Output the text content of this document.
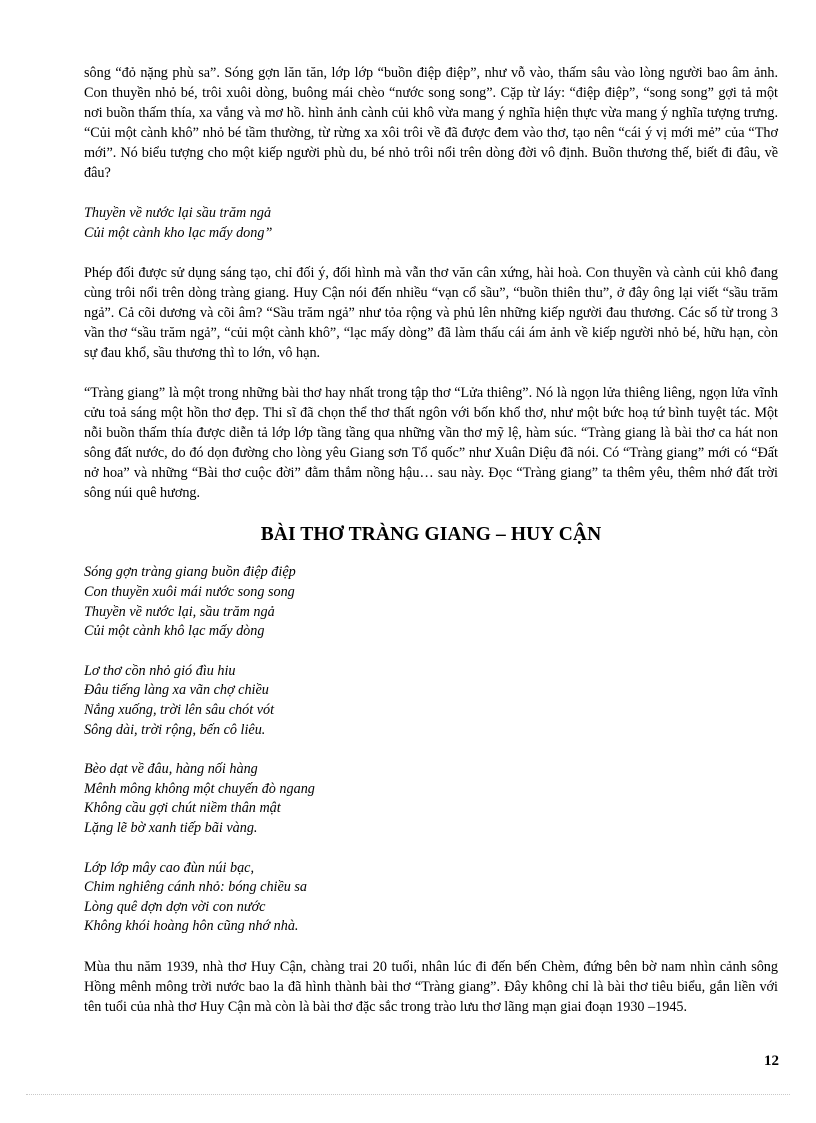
sông “đỏ nặng phù sa”. Sóng gợn lăn tăn, lớp lớp “buồn điệp điệp”, như vỗ vào, thấm sâu vào lòng người bao âm ảnh. Con thuyền nhỏ bé, trôi xuôi dòng, buông mái chèo “nước song song”. Cặp từ láy: “điệp điệp”, “song song” gợi tả một nơi buồn thấm thía, xa vắng và mơ hồ. hình ảnh cành củi khô vừa mang ý nghĩa hiện thực vừa mang ý nghĩa tượng trưng. “Củi một cành khô” nhỏ bé tầm thường, từ rừng xa xôi trôi về đã được đem vào thơ, tạo nên “cái ý vị mới mẻ” của “Thơ mới”. Nó biểu tượng cho một kiếp người phù du, bé nhỏ trôi nổi trên dòng đời vô định. Buồn thương thế, biết đi đâu, về đâu?

Thuyền về nước lại sầu trăm ngả
Củi một cành kho lạc mấy dong”

Phép đối được sử dụng sáng tạo, chỉ đối ý, đối hình mà vẫn thơ văn cân xứng, hài hoà. Con thuyền và cành củi khô đang cùng trôi nổi trên dòng tràng giang. Huy Cận nói đến nhiều “vạn cổ sầu”, “buồn thiên thu”, ở đây ông lại viết “sầu trăm ngả”. Cả cõi dương và cõi âm? “Sầu trăm ngả” như tỏa rộng và phủ lên những kiếp người đau thương. Các số từ trong 3 vần thơ “sầu trăm ngả”, “củi một cành khô”, “lạc mấy dòng” đã làm thấu cái ám ảnh về kiếp người nhỏ bé, hữu hạn, còn sự đau khổ, sầu thương thì to lớn, vô hạn.

“Tràng giang” là một trong những bài thơ hay nhất trong tập thơ “Lửa thiêng”. Nó là ngọn lửa thiêng liêng, ngọn lửa vĩnh cửu toả sáng một hồn thơ đẹp. Thi sĩ đã chọn thể thơ thất ngôn với bốn khổ thơ, như một bức hoạ tứ bình tuyệt tác. Một nỗi buồn thấm thía được diễn tả lớp lớp tầng tầng qua những vần thơ mỹ lệ, hàm súc. “Tràng giang là bài thơ ca hát non sông đất nước, do đó dọn đường cho lòng yêu Giang sơn Tổ quốc” như Xuân Diệu đã nói. Có “Tràng giang” mới có “Đất nở hoa” và những “Bài thơ cuộc đời” đằm thắm nồng hậu… sau này. Đọc “Tràng giang” ta thêm yêu, thêm nhớ đất trời sông núi quê hương.

BÀI THƠ TRÀNG GIANG – HUY CẬN
Sóng gợn tràng giang buồn điệp điệp
Con thuyền xuôi mái nước song song
Thuyền về nước lại, sầu trăm ngả
Củi một cành khô lạc mấy dòng
Lơ thơ cồn nhỏ gió đìu hiu
Đâu tiếng làng xa vãn chợ chiều
Nắng xuống, trời lên sâu chót vót
Sông dài, trời rộng, bến cô liêu.
Bèo dạt về đâu, hàng nối hàng
Mênh mông không một chuyến đò ngang
Không cầu gợi chút niềm thân mật
Lặng lẽ bờ xanh tiếp bãi vàng.
Lớp lớp mây cao đùn núi bạc,
Chim nghiêng cánh nhỏ: bóng chiều sa
Lòng quê dợn dợn vời con nước
Không khói hoàng hôn cũng nhớ nhà.

Mùa thu năm 1939, nhà thơ Huy Cận, chàng trai 20 tuổi, nhân lúc đi đến bến Chèm, đứng bên bờ nam nhìn cảnh sông Hồng mênh mông trời nước bao la đã hình thành bài thơ “Tràng giang”. Đây không chỉ là bài thơ tiêu biểu, gắn liền với tên tuổi của nhà thơ Huy Cận mà còn là bài thơ đặc sắc trong trào lưu thơ lãng mạn giai đoạn 1930 –1945.

12
